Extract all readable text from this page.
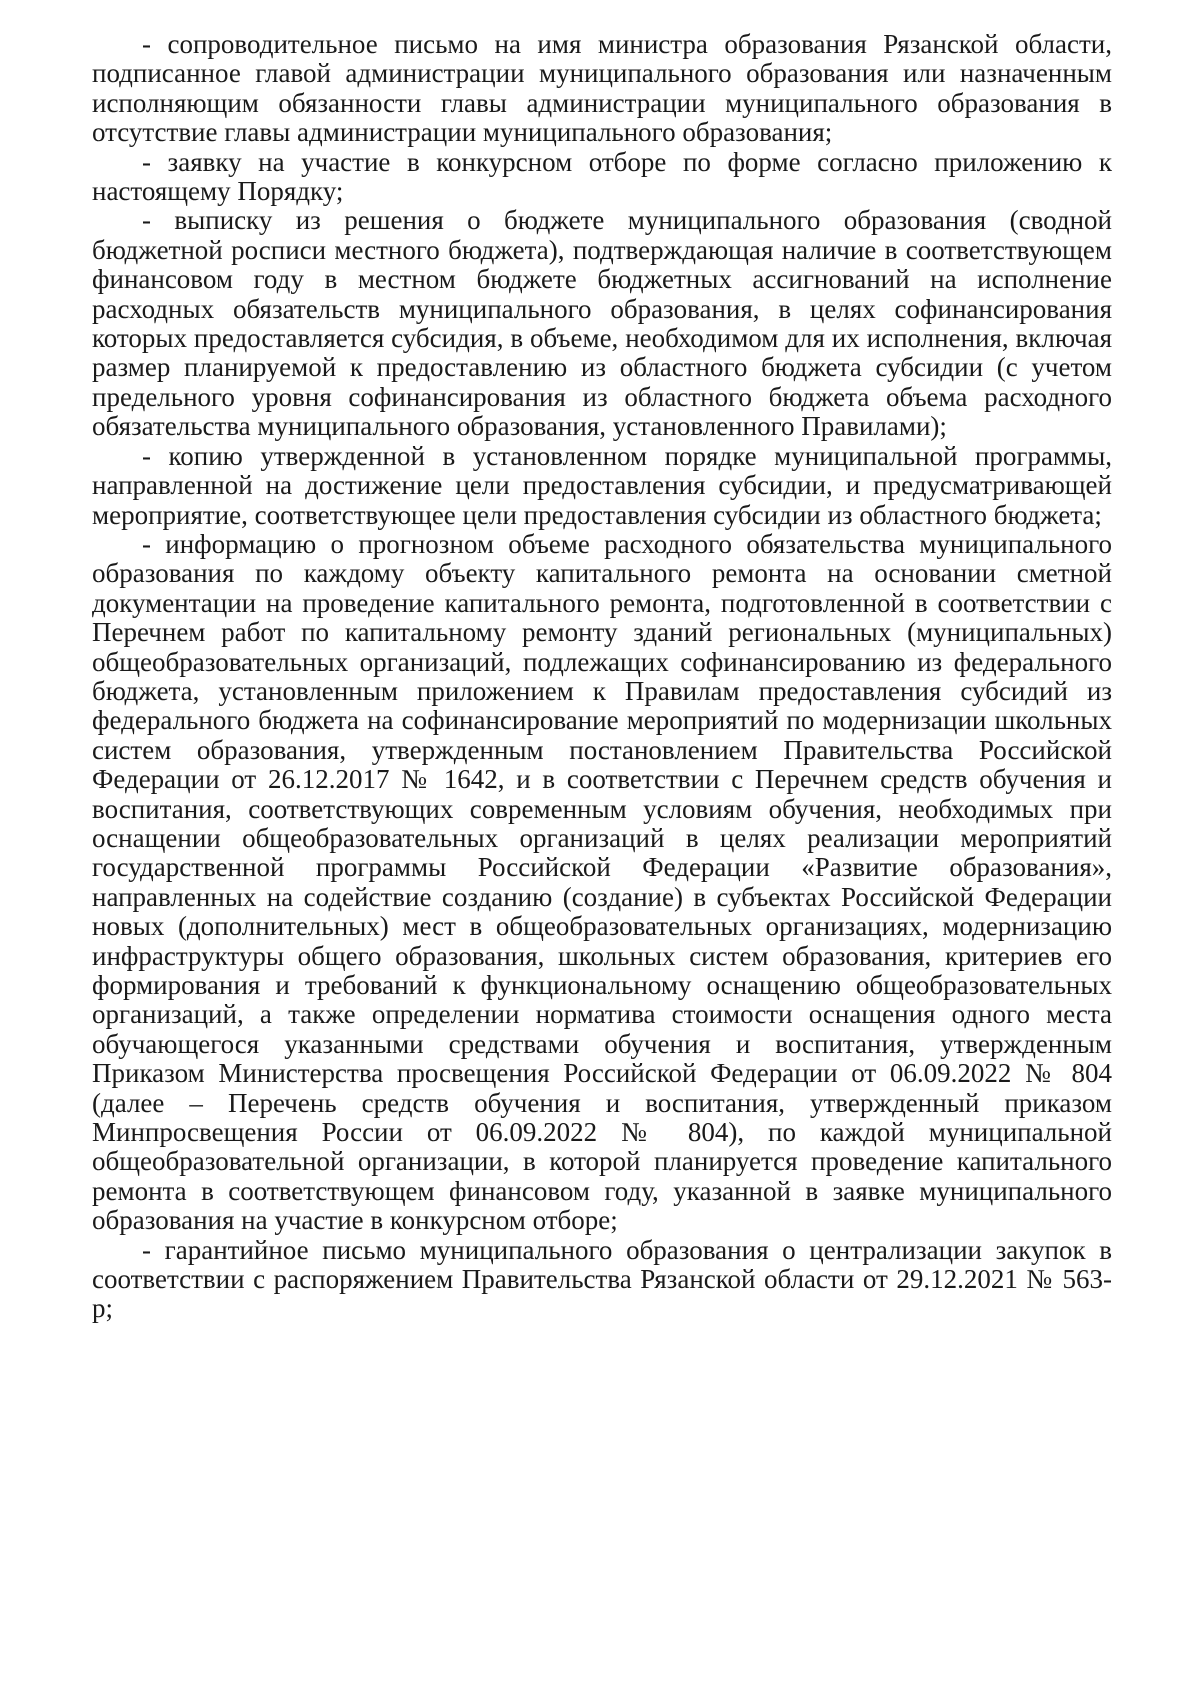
- сопроводительное письмо на имя министра образования Рязанской области, подписанное главой администрации муниципального образования или назначенным исполняющим обязанности главы администрации муниципального образования в отсутствие главы администрации муниципального образования;

- заявку на участие в конкурсном отборе по форме согласно приложению к настоящему Порядку;

- выписку из решения о бюджете муниципального образования (сводной бюджетной росписи местного бюджета), подтверждающая наличие в соответствующем финансовом году в местном бюджете бюджетных ассигнований на исполнение расходных обязательств муниципального образования, в целях софинансирования которых предоставляется субсидия, в объеме, необходимом для их исполнения, включая размер планируемой к предоставлению из областного бюджета субсидии (с учетом предельного уровня софинансирования из областного бюджета объема расходного обязательства муниципального образования, установленного Правилами);

- копию утвержденной в установленном порядке муниципальной программы, направленной на достижение цели предоставления субсидии, и предусматривающей мероприятие, соответствующее цели предоставления субсидии из областного бюджета;

- информацию о прогнозном объеме расходного обязательства муниципального образования по каждому объекту капитального ремонта на основании сметной документации на проведение капитального ремонта, подготовленной в соответствии с Перечнем работ по капитальному ремонту зданий региональных (муниципальных) общеобразовательных организаций, подлежащих софинансированию из федерального бюджета, установленным приложением к Правилам предоставления субсидий из федерального бюджета на софинансирование мероприятий по модернизации школьных систем образования, утвержденным постановлением Правительства Российской Федерации от 26.12.2017 № 1642, и в соответствии с Перечнем средств обучения и воспитания, соответствующих современным условиям обучения, необходимых при оснащении общеобразовательных организаций в целях реализации мероприятий государственной программы Российской Федерации «Развитие образования», направленных на содействие созданию (создание) в субъектах Российской Федерации новых (дополнительных) мест в общеобразовательных организациях, модернизацию инфраструктуры общего образования, школьных систем образования, критериев его формирования и требований к функциональному оснащению общеобразовательных организаций, а также определении норматива стоимости оснащения одного места обучающегося указанными средствами обучения и воспитания, утвержденным Приказом Министерства просвещения Российской Федерации от 06.09.2022 № 804 (далее – Перечень средств обучения и воспитания, утвержденный приказом Минпросвещения России от 06.09.2022 № 804), по каждой муниципальной общеобразовательной организации, в которой планируется проведение капитального ремонта в соответствующем финансовом году, указанной в заявке муниципального образования на участие в конкурсном отборе;

- гарантийное письмо муниципального образования о централизации закупок в соответствии с распоряжением Правительства Рязанской области от 29.12.2021 № 563-р;
